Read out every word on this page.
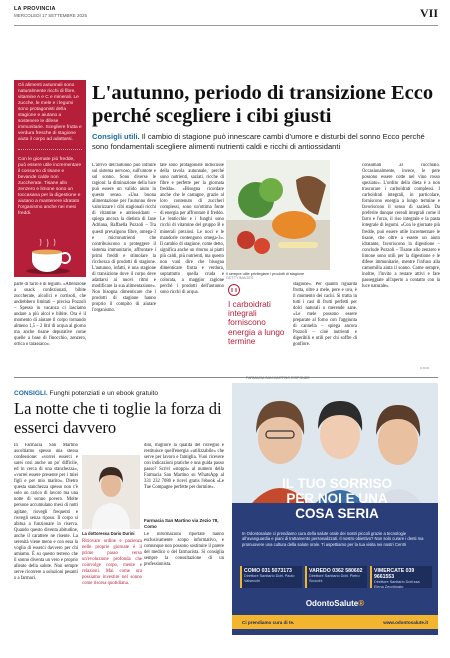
LA PROVINCIA
MERCOLEDÌ 17 SETTEMBRE 2025	VII

Gli alimenti autunnali sono naturalmente ricchi di fibre, vitamine A e C e minerali. Le zucche, le mele e i legumi sono protagonisti della stagione e aiutano a sostenere le difese immunitarie. Scegliere frutta e verdura fresche di stagione aiuta il corpo ad adattarsi.

Con le giornate più fredde, può essere utile incrementare il consumo di tisane e bevande calde non zuccherate. Tisane allo zenzero e limone sono un toccasana per la digestione e aiutano a mantenere idratato l'organismo anche nei mesi freddi.

L'autunno, periodo di transizione Ecco perché scegliere i cibi giusti
Consigli utili. Il cambio di stagione può innescare cambi d'umore e disturbi del sonno Ecco perché sono fondamentali scegliere alimenti nutrienti caldi e ricchi di antiossidanti
parte di farro e di legumi. «Attenzione a snack confezionati, bibite zuccherate, alcolici e cortisoli, che andrebbero limitati – precisa Pozzoli – Spesso in vacanza ci lasciamo andare a più alcol e bibite. Ora è il momento di aiutare il corpo tornando almeno 1,5 – 2 litri di acqua al giorno ma anche tisane depurative come quelle a base di finocchio, zenzero, ortica o tarassaco».
L'arrivo dell'autunno può influire sul sistema nervoso, sull'umore e sul sonno. Sono diverse le ragioni: la diminuzione della luce può essere un valido aiuto in questo senso. «Una buona alimentazione per l'autunno deve valorizzare i cibi stagionali ricchi di vitamine e antiossidanti – spiega ancora la dietista di Jane Adriana, Raffaella Pozzoli – Tra questi prevalgono fibre, omega-3 e micronutrienti che contribuiscono a proteggere il sistema immunitario, affrontare i primi freddi e stimolare la ricchezza di prodotti di stagione. L'autunno, infatti, è una stagione di transizione dove il corpo deve adattarsi ai nuovi ritmi e modificare la sua alimentazione». Non bisogna dimenticare che i prodotti di stagione hanno proprio il compito di aiutare l'organismo.
tate sono protagoniste indiscusse della tavola autunnale, perché sono nutrienti, saziati, ricche di fibre e perfette per la giornata fredda». «Bisogna ricordare anche che le castagne, grazie al loro contenuto di zuccheri complessi, sono un'ottima fonte di energia per affrontare il freddo. Le lenticchie e i funghi sono ricchi di vitamine del gruppo B e minerali preziosi. Le noci e le mandorle contengono omega-3». Il cambio di stagione, come detto, significa anche un ritorno ai piatti più caldi, più nutrienti, ma questo non vuol dire che bisogna dimenticare frutta e verdura, soprattutto quella cruda e colorata, a maggior ragione perché i prodotti dell'autunno sono ricchi di acqua.
stagione». Per quanto riguarda frutta, oltre a mele, pere e uva, è il momento dei cachi. Si tratta in tutti i casi di frutti perfetti per dolci naturali o merende sane. «Le mele possono essere preparate al forno con l'aggiunta di cannella – spiega ancora Pozzoli – cioè nutrienti e digeribili e utili per chi soffre di gonfiore.
consumati al cucchiaio. Occasionalmente, invece, le pere possono essere cotte nel vino rosso speziato». L'ordito della dieta è a non trascurare i carboidrati complessi. I carboidrati integrali, in particolare, forniscono energia a lungo termine e favoriscono il senso di sazietà. Da preferire dunque cereali integrali come il farro e l'orzo, il riso integrale e la pasta integrale di legumi. «Con le giornate più fredde, può essere utile incrementare le tisane, che oltre a essere un aiuto idratante, favoriscono la digestione – conclude Pozzoli – Tisane allo zenzero e limone sono utili per la digestione e le difese immunitarie, mentre l'infuso alla camomilla aiuta il sonno. Come sempre, inoltre, l'invito a restare attivi e fare passeggiate all'aperto a contatto con la luce naturale».
Il sempre utile privilegiare i prodotti di stagione GETTYIMAGES
I carboidrati integrali forniscono energia a lungo termine
R.BUB.
FARMACIA SAN MARTINO RISPONDE
CONSIGLI. Funghi potenziati e un ebook gratuito
La notte che ti toglie la forza di esserci davvero
In Farmacia San Martino ascoltiamo spesso una stessa confessione: «vorrei esserci e sarei così anche un po' difficile, ed in cerca di una stanchezza», «vorrei essere presente per i miei figli e per mio marito». Dietro questa stanchezza spesso non c'è solo un carico di lavoro ma una notte di sonno povero. Molte persone accumulano mesi di notti agitate, risvegli frequenti e risvegli senza riposo. Il corpo si abitua a funzionare in riserva. Quando questo diventa abitudine, anche il carattere ne risente. La serenità viene meno e con essa la voglia di esserci davvero per chi amiamo. È su questo terreno che il sonno diventa un vero e proprio alleato della salute. Non sempre serve ricorrere a soluzioni pesanti o a farmaci.
La dottoressa Dario Durini
Ritrovare ordine e pazienza nelle proprie giornate è il primo passo verso un'evoluzione profonda che coinvolge corpo, mente e relazioni. Mai come ora possiamo investire nel sonno come risorsa quotidiana.
dini, migliore la qualità del risveglio e restituisce quell'energia «utilizzabile» che serve per lavoro e famiglia. Vuoi ricevere con indicazioni pratiche e una guida passo passo? Scrivi «stoppi» al numero della Farmacia San Martino su WhatsApp al 331 232 7080 e ricevi gratis l'ebook «Le Tue Compagne perfette per dormire».
Farmacia San Martino via Zezio 78, Como
Le informazioni riportate hanno esclusivamente scopo informativo, e comunque non possono sostituire il parere del medico o del farmacista. Si consiglia sempre la consultazione di un professionista.
IL TUO SORRISO PER NOI È UNA COSA SERIA
In Odontosalute ci prendiamo cura della salute orale dei nostri piccoli grazie a tecnologie all'avanguardia e piani di trattamento personalizzati. Il nostro obiettivo? Non solo curare i denti ma promuovere una cultura della salute orale. Ti aspettiamo per la tua visita nei nostri Centri
COMO 031 5073173
Direttore Sanitario Dott. Paolo Valsecchi
VAREDO 0362 580602
Direttore Sanitario Dott. Pietro Scocchi
VIMERCATE 039 9661553
Direttore Sanitario Dott.ssa Elena Zecchinato
OdontoSalute®
Ci prendiamo cura di te.	www.odontosalute.it
